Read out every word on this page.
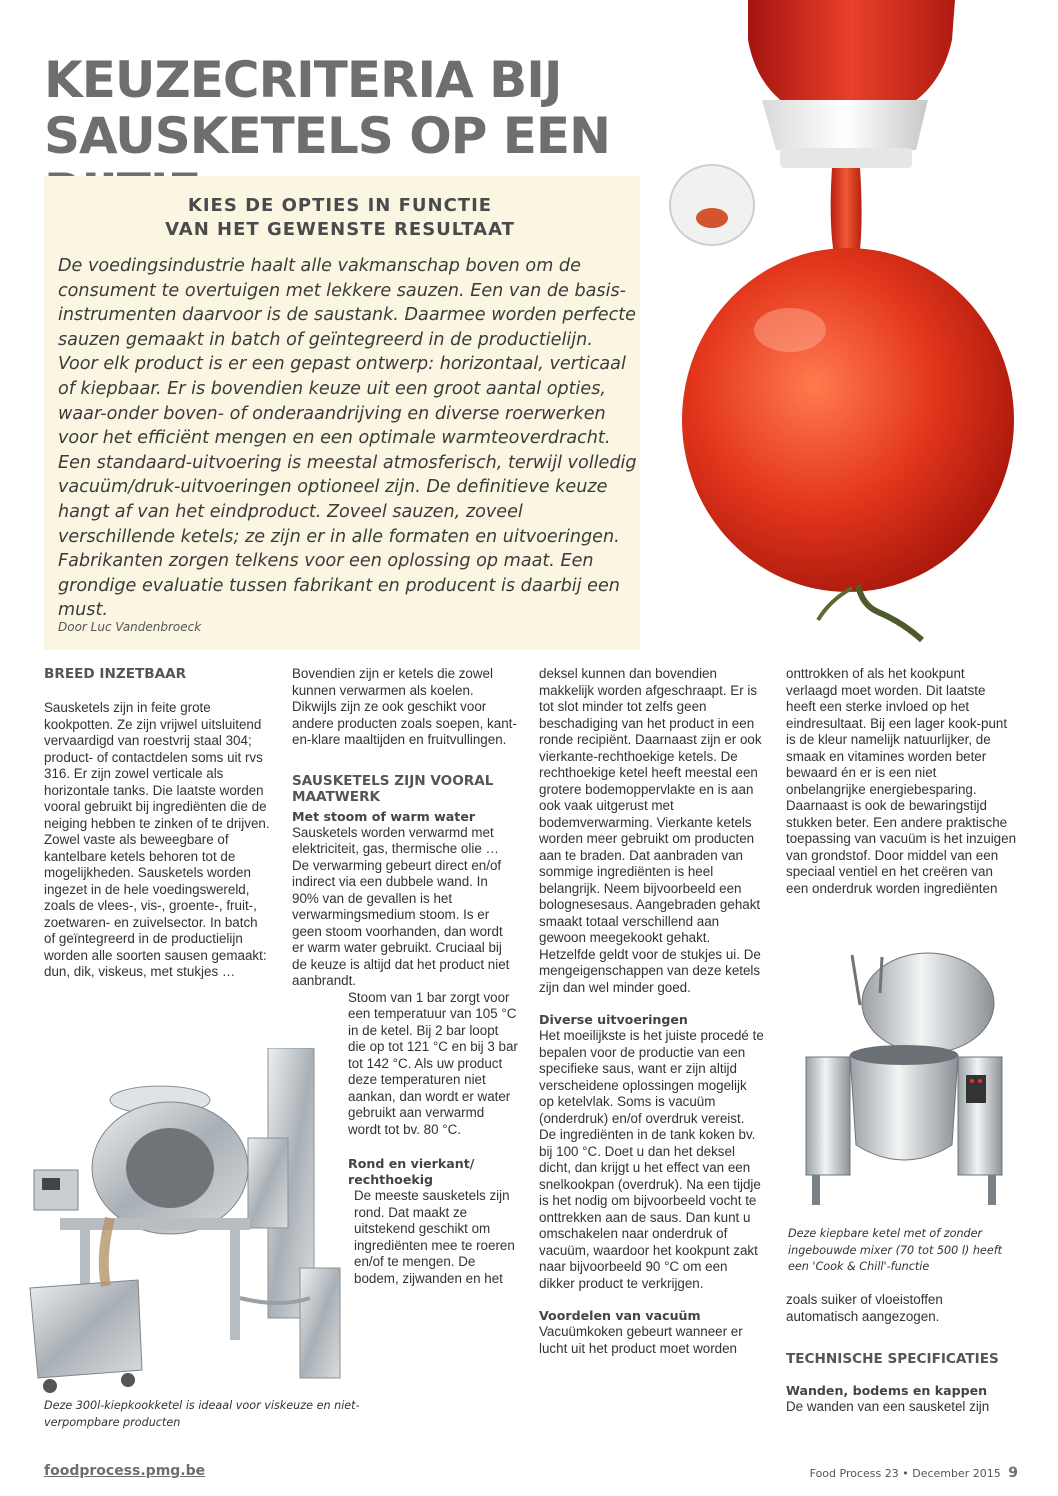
KEUZECRITERIA BIJ
SAUSKETELS OP EEN
KIES DE OPTIES IN FUNCTIE
VAN HET GEWENSTE RESULTAAT

De voedingsindustrie haalt alle vakmanschap boven om de consument te overtuigen met lekkere sauzen. Een van de basis-instrumenten daarvoor is de saustank. Daarmee worden perfecte sauzen gemaakt in batch of geïntegreerd in de productielijn. Voor elk product is er een gepast ontwerp: horizontaal, verticaal of kiepbaar. Er is bovendien keuze uit een groot aantal opties, waar-onder boven- of onderaandrijving en diverse roerwerken voor het efficiënt mengen en een optimale warmteoverdracht. Een standaard-uitvoering is meestal atmosferisch, terwijl volledig vacuüm/druk-uitvoeringen optioneel zijn. De definitieve keuze hangt af van het eindproduct. Zoveel sauzen, zoveel verschillende ketels; ze zijn er in alle formaten en uitvoeringen. Fabrikanten zorgen telkens voor een oplossing op maat. Een grondige evaluatie tussen fabrikant en producent is daarbij een must.

Door Luc Vandenbroeck

BREED INZETBAAR

Sausketels zijn in feite grote kookpotten. Ze zijn vrijwel uitsluitend vervaardigd van roestvrij staal 304; product- of contactdelen soms uit rvs 316. Er zijn zowel verticale als horizontale tanks. Die laatste worden vooral gebruikt bij ingrediënten die de neiging hebben te zinken of te drijven. Zowel vaste als beweegbare of kantelbare ketels behoren tot de mogelijkheden. Sausketels worden ingezet in de hele voedingswereld, zoals de vlees-, vis-, groente-, fruit-, zoetwaren- en zuivelsector. In batch of geïntegreerd in de productielijn worden alle soorten sausen gemaakt: dun, dik, viskeus, met stukjes …

Bovendien zijn er ketels die zowel kunnen verwarmen als koelen. Dikwijls zijn ze ook geschikt voor andere producten zoals soepen, kant-en-klare maaltijden en fruitvullingen.

SAUSKETELS ZIJN VOORAL MAATWERK
Met stoom of warm water

Sausketels worden verwarmd met elektriciteit, gas, thermische olie … De verwarming gebeurt direct en/of indirect via een dubbele wand. In 90% van de gevallen is het verwarmingsmedium stoom. Is er geen stoom voorhanden, dan wordt er warm water gebruikt. Cruciaal bij de keuze is altijd dat het product niet aanbrandt.

Stoom van 1 bar zorgt voor een temperatuur van 105 °C in de ketel. Bij 2 bar loopt die op tot 121 °C en bij 3 bar tot 142 °C. Als uw product deze temperaturen niet aankan, dan wordt er water gebruikt aan verwarmd wordt tot bv. 80 °C.

Rond en vierkant/ rechthoekig

De meeste sausketels zijn rond. Dat maakt ze uitstekend geschikt om ingrediënten mee te roeren en/of te mengen. De bodem, zijwanden en het

deksel kunnen dan bovendien makkelijk worden afgeschraapt. Er is tot slot minder tot zelfs geen beschadiging van het product in een ronde recipiënt. Daarnaast zijn er ook vierkante-rechthoekige ketels. De rechthoekige ketel heeft meestal een grotere bodemoppervlakte en is aan ook vaak uitgerust met bodemverwarming. Vierkante ketels worden meer gebruikt om producten aan te braden. Dat aanbraden van sommige ingrediënten is heel belangrijk. Neem bijvoorbeeld een bolognesesaus. Aangebraden gehakt smaakt totaal verschillend aan gewoon meegekookt gehakt. Hetzelfde geldt voor de stukjes ui. De mengeigenschappen van deze ketels zijn dan wel minder goed.

Diverse uitvoeringen

Het moeilijkste is het juiste procedé te bepalen voor de productie van een specifieke saus, want er zijn altijd verscheidene oplossingen mogelijk op ketelvlak. Soms is vacuüm (onderdruk) en/of overdruk vereist. De ingrediënten in de tank koken bv. bij 100 °C. Doet u dan het deksel dicht, dan krijgt u het effect van een snelkookpan (overdruk). Na een tijdje is het nodig om bijvoorbeeld vocht te onttrekken aan de saus. Dan kunt u omschakelen naar onderdruk of vacuüm, waardoor het kookpunt zakt naar bijvoorbeeld 90 °C om een dikker product te verkrijgen.

Voordelen van vacuüm

Vacuümkoken gebeurt wanneer er lucht uit het product moet worden

onttrokken of als het kookpunt verlaagd moet worden. Dit laatste heeft een sterke invloed op het eindresultaat. Bij een lager kook-punt is de kleur namelijk natuurlijker, de smaak en vitamines worden beter bewaard én er is een niet onbelangrijke energiebesparing. Daarnaast is ook de bewaringstijd stukken beter. Een andere praktische toepassing van vacuüm is het inzuigen van grondstof. Door middel van een speciaal ventiel en het creëren van een onderdruk worden ingrediënten

zoals suiker of vloeistoffen automatisch aangezogen.

TECHNISCHE SPECIFICATIES
Wanden, bodems en kappen

De wanden van een sausketel zijn

Deze 300l-kiepkookketel is ideaal voor viskeuze en niet-verpompbare producten
Deze kiepbare ketel met of zonder ingebouwde mixer (70 tot 500 l) heeft een 'Cook & Chill'-functie
foodprocess.pmg.be	Food Process 23 • December 2015 9
